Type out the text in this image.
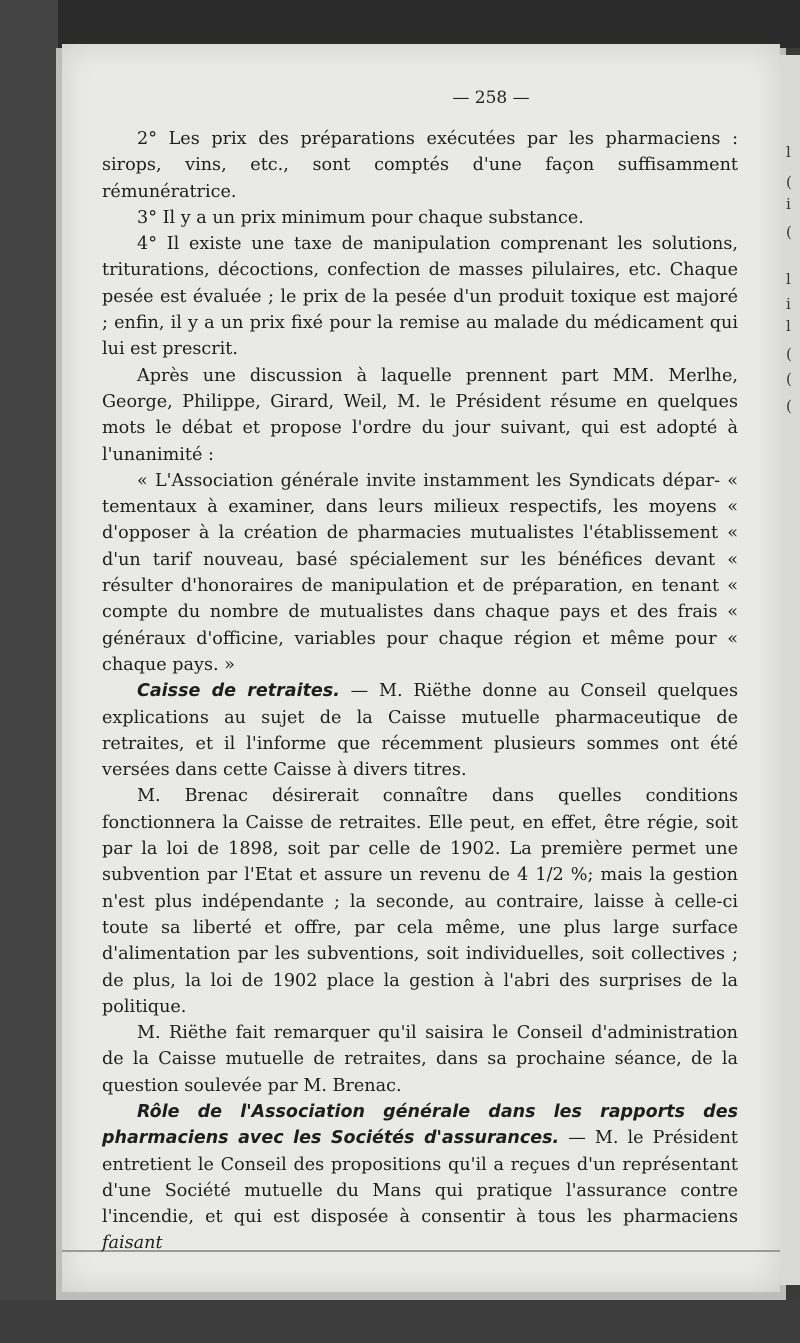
l
(
i
(
l
i
l
(
(
(
— 258 —

2° Les prix des préparations exécutées par les pharmaciens : sirops, vins, etc., sont comptés d'une façon suffisamment rémunératrice.

3° Il y a un prix minimum pour chaque substance.

4° Il existe une taxe de manipulation comprenant les solutions, triturations, décoctions, confection de masses pilulaires, etc. Chaque pesée est évaluée ; le prix de la pesée d'un produit toxique est majoré ; enfin, il y a un prix fixé pour la remise au malade du médicament qui lui est prescrit.

Après une discussion à laquelle prennent part MM. Merlhe, George, Philippe, Girard, Weil, M. le Président résume en quelques mots le débat et propose l'ordre du jour suivant, qui est adopté à l'unanimité :

« L'Association générale invite instamment les Syndicats dépar- « tementaux à examiner, dans leurs milieux respectifs, les moyens « d'opposer à la création de pharmacies mutualistes l'établissement « d'un tarif nouveau, basé spécialement sur les bénéfices devant « résulter d'honoraires de manipulation et de préparation, en tenant « compte du nombre de mutualistes dans chaque pays et des frais « généraux d'officine, variables pour chaque région et même pour « chaque pays. »

Caisse de retraites. — M. Riëthe donne au Conseil quelques explications au sujet de la Caisse mutuelle pharmaceutique de retraites, et il l'informe que récemment plusieurs sommes ont été versées dans cette Caisse à divers titres.

M. Brenac désirerait connaître dans quelles conditions fonctionnera la Caisse de retraites. Elle peut, en effet, être régie, soit par la loi de 1898, soit par celle de 1902. La première permet une subvention par l'Etat et assure un revenu de 4 1/2 %; mais la gestion n'est plus indépendante ; la seconde, au contraire, laisse à celle-ci toute sa liberté et offre, par cela même, une plus large surface d'alimentation par les subventions, soit individuelles, soit collectives ; de plus, la loi de 1902 place la gestion à l'abri des surprises de la politique.

M. Riëthe fait remarquer qu'il saisira le Conseil d'administration de la Caisse mutuelle de retraites, dans sa prochaine séance, de la question soulevée par M. Brenac.

Rôle de l'Association générale dans les rapports des pharmaciens avec les Sociétés d'assurances. — M. le Président entretient le Conseil des propositions qu'il a reçues d'un représentant d'une Société mutuelle du Mans qui pratique l'assurance contre l'incendie, et qui est disposée à consentir à tous les pharmaciens faisant
